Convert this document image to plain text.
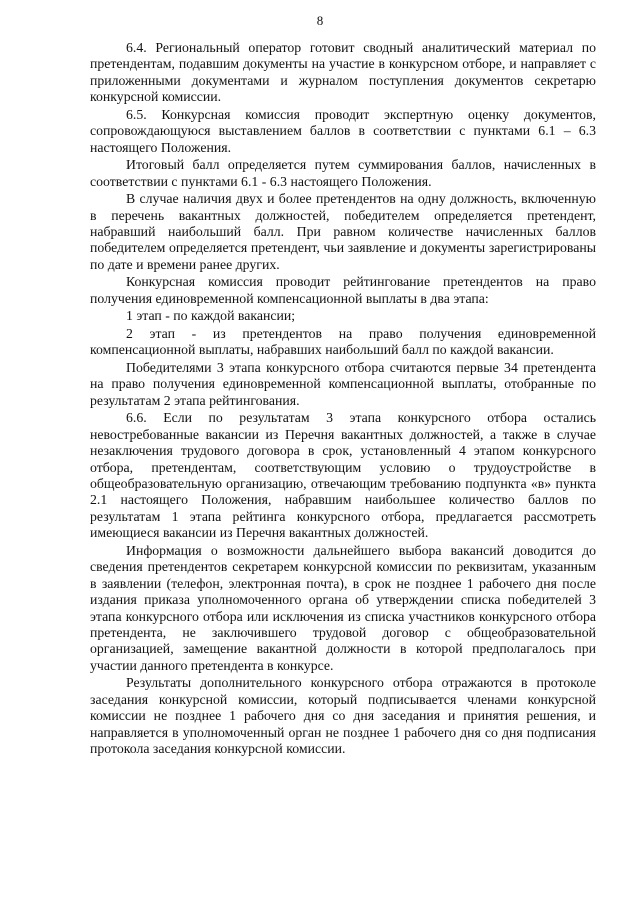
8

6.4. Региональный оператор готовит сводный аналитический материал по претендентам, подавшим документы на участие в конкурсном отборе, и направляет с приложенными документами и журналом поступления документов секретарю конкурсной комиссии.

6.5. Конкурсная комиссия проводит экспертную оценку документов, сопровождающуюся выставлением баллов в соответствии с пунктами 6.1 – 6.3 настоящего Положения.

Итоговый балл определяется путем суммирования баллов, начисленных в соответствии с пунктами 6.1 - 6.3 настоящего Положения.

В случае наличия двух и более претендентов на одну должность, включенную в перечень вакантных должностей, победителем определяется претендент, набравший наибольший балл. При равном количестве начисленных баллов победителем определяется претендент, чьи заявление и документы зарегистрированы по дате и времени ранее других.

Конкурсная комиссия проводит рейтингование претендентов на право получения единовременной компенсационной выплаты в два этапа:

1 этап - по каждой вакансии;

2 этап - из претендентов на право получения единовременной компенсационной выплаты, набравших наибольший балл по каждой вакансии.

Победителями 3 этапа конкурсного отбора считаются первые 34 претендента на право получения единовременной компенсационной выплаты, отобранные по результатам 2 этапа рейтингования.

6.6. Если по результатам 3 этапа конкурсного отбора остались невостребованные вакансии из Перечня вакантных должностей, а также в случае незаключения трудового договора в срок, установленный 4 этапом конкурсного отбора, претендентам, соответствующим условию о трудоустройстве в общеобразовательную организацию, отвечающим требованию подпункта «в» пункта 2.1 настоящего Положения, набравшим наибольшее количество баллов по результатам 1 этапа рейтинга конкурсного отбора, предлагается рассмотреть имеющиеся вакансии из Перечня вакантных должностей.

Информация о возможности дальнейшего выбора вакансий доводится до сведения претендентов секретарем конкурсной комиссии по реквизитам, указанным в заявлении (телефон, электронная почта), в срок не позднее 1 рабочего дня после издания приказа уполномоченного органа об утверждении списка победителей 3 этапа конкурсного отбора или исключения из списка участников конкурсного отбора претендента, не заключившего трудовой договор с общеобразовательной организацией, замещение вакантной должности в которой предполагалось при участии данного претендента в конкурсе.

Результаты дополнительного конкурсного отбора отражаются в протоколе заседания конкурсной комиссии, который подписывается членами конкурсной комиссии не позднее 1 рабочего дня со дня заседания и принятия решения, и направляется в уполномоченный орган не позднее 1 рабочего дня со дня подписания протокола заседания конкурсной комиссии.
